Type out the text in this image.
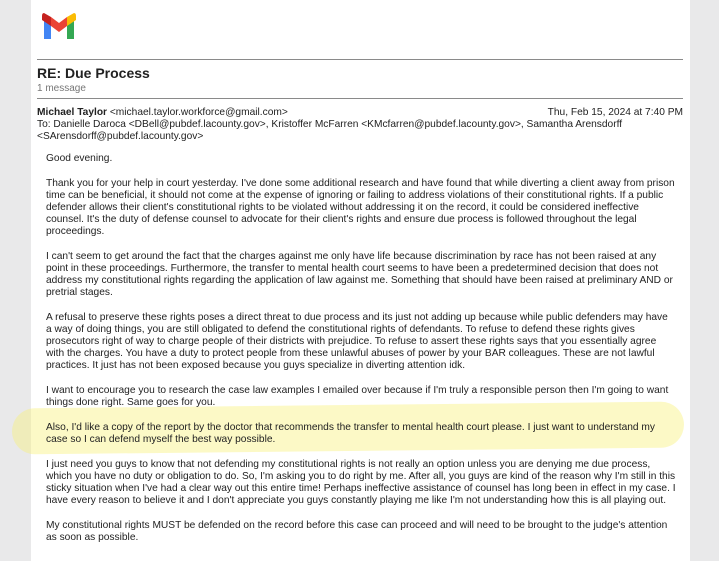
RE: Due Process
1 message
Michael Taylor <michael.taylor.workforce@gmail.com>	Thu, Feb 15, 2024 at 7:40 PM
To: Danielle Daroca <DBell@pubdef.lacounty.gov>, Kristoffer McFarren <KMcfarren@pubdef.lacounty.gov>, Samantha Arensdorff
<SArensdorff@pubdef.lacounty.gov>

Good evening.

Thank you for your help in court yesterday. I've done some additional research and have found that while diverting a client away from prison time can be beneficial, it should not come at the expense of ignoring or failing to address violations of their constitutional rights. If a public defender allows their client's constitutional rights to be violated without addressing it on the record, it could be considered ineffective counsel. It's the duty of defense counsel to advocate for their client's rights and ensure due process is followed throughout the legal proceedings.

I can't seem to get around the fact that the charges against me only have life because discrimination by race has not been raised at any point in these proceedings. Furthermore, the transfer to mental health court seems to have been a predetermined decision that does not address my constitutional rights regarding the application of law against me. Something that should have been raised at preliminary AND or pretrial stages.

A refusal to preserve these rights poses a direct threat to due process and its just not adding up because while public defenders may have a way of doing things, you are still obligated to defend the constitutional rights of defendants. To refuse to defend these rights gives prosecutors right of way to charge people of their districts with prejudice. To refuse to assert these rights says that you essentially agree with the charges. You have a duty to protect people from these unlawful abuses of power by your BAR colleagues. These are not lawful practices. It just has not been exposed because you guys specialize in diverting attention idk.

I want to encourage you to research the case law examples I emailed over because if I'm truly a responsible person then I'm going to want things done right. Same goes for you.

Also, I'd like a copy of the report by the doctor that recommends the transfer to mental health court please. I just want to understand my case so I can defend myself the best way possible.

I just need you guys to know that not defending my constitutional rights is not really an option unless you are denying me due process, which you have no duty or obligation to do. So, I'm asking you to do right by me. After all, you guys are kind of the reason why I'm still in this sticky situation when I've had a clear way out this entire time! Perhaps ineffective assistance of counsel has long been in effect in my case. I have every reason to believe it and I don't appreciate you guys constantly playing me like I'm not understanding how this is all playing out.

My constitutional rights MUST be defended on the record before this case can proceed and will need to be brought to the judge's attention as soon as possible.
